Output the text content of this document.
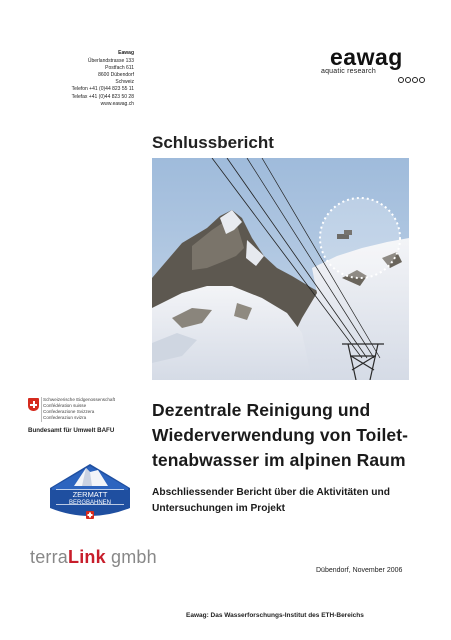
Eawag
Überlandstrasse 133
Postfach 611
8600 Dübendorf
Schweiz
Telefon +41 (0)44 823 55 11
Telefax +41 (0)44 823 50 28
www.eawag.ch
eawag
aquatic research
Schlussbericht
Schweizerische Eidgenossenschaft
Confédération suisse
Confederazione Svizzera
Confederaziun svizra
Bundesamt für Umwelt BAFU
Dezentrale Reinigung und
Wiederverwendung von Toilet-
tenabwasser im alpinen Raum
Abschliessender Bericht über die Aktivitäten und
Untersuchungen im Projekt
ZERMATT
BERGBAHNEN
terraLink gmbh
Dübendorf, November 2006
Eawag: Das Wasserforschungs-Institut des ETH-Bereichs
